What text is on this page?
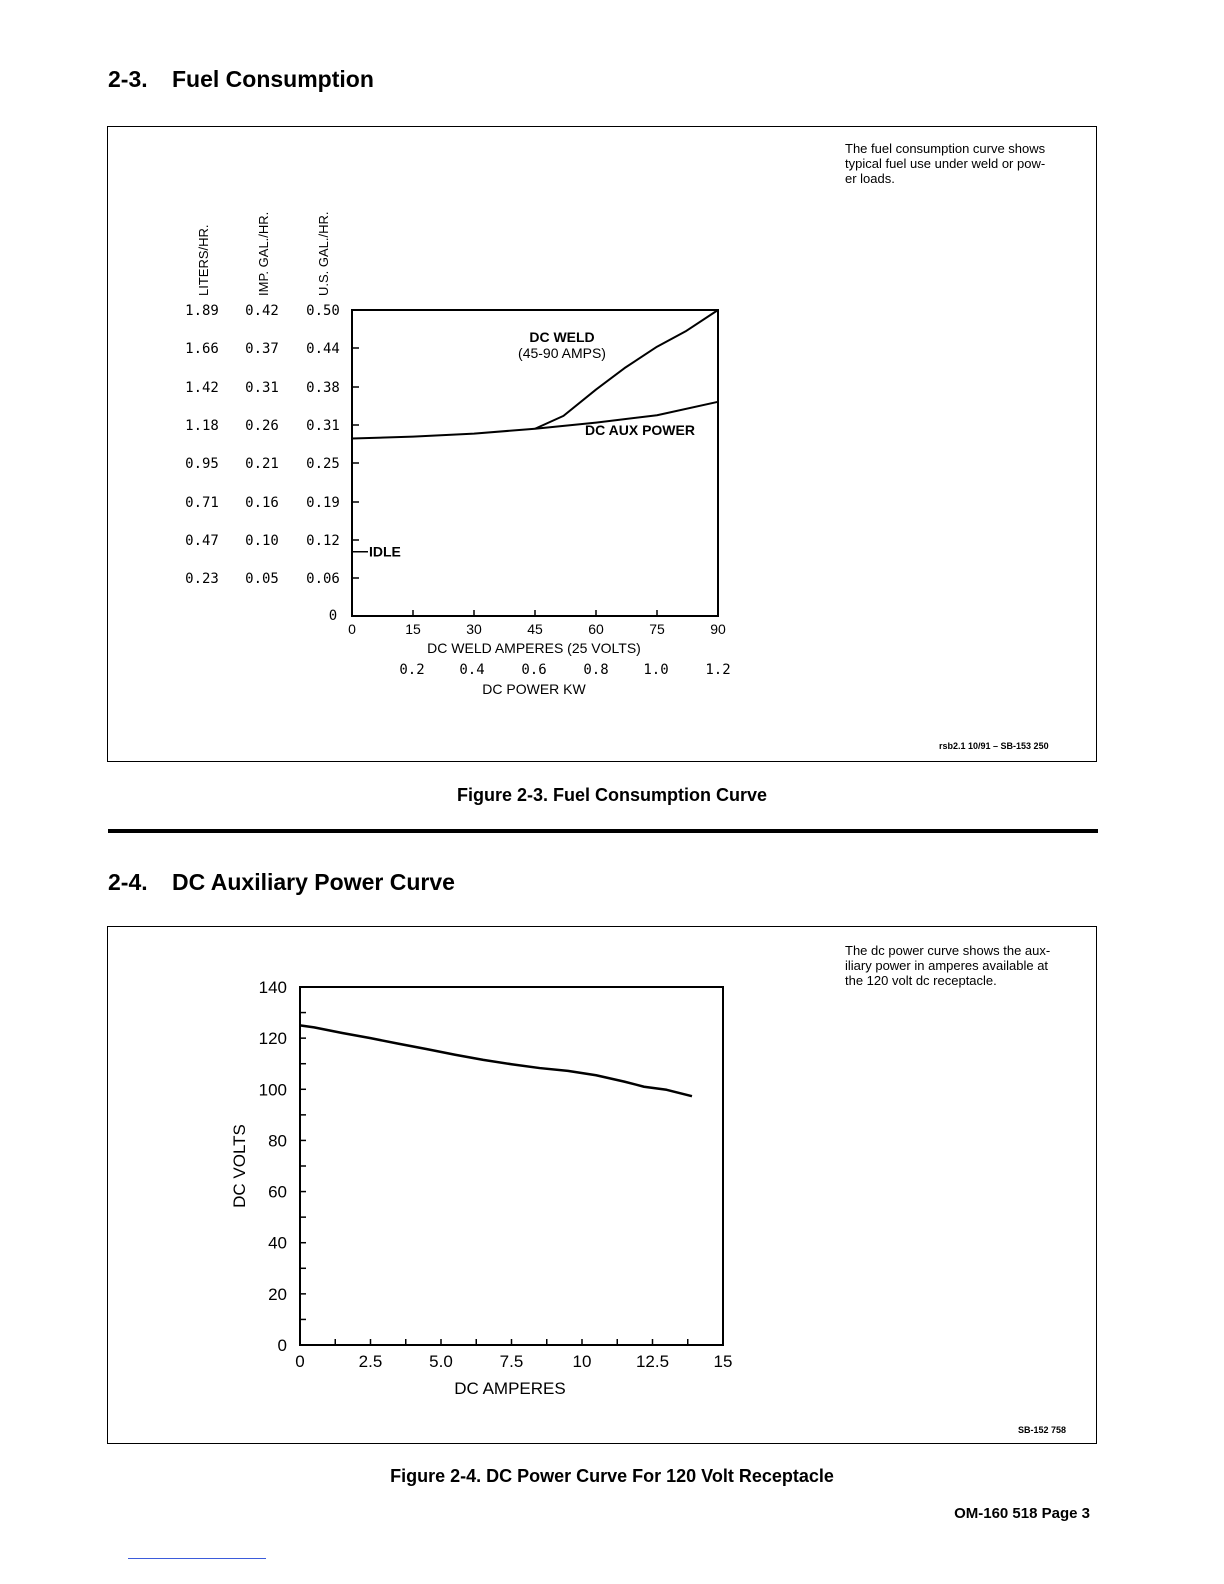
2-3. Fuel Consumption

The fuel consumption curve shows
typical fuel use under weld or pow-
er loads.

rsb2.1 10/91 – SB-153 250

Figure 2-3. Fuel Consumption Curve

2-4. DC Auxiliary Power Curve

The dc power curve shows the aux-
iliary power in amperes available at
the 120 volt dc receptacle.

SB-152 758

Figure 2-4. DC Power Curve For 120 Volt Receptacle

OM-160 518 Page 3

1.89 0.42 0.50
1.66 0.37 0.44
1.42 0.31 0.38
1.18 0.26 0.31
0.95 0.21 0.25
0.71 0.16 0.19
0.47 0.10 0.12
0.23 0.05 0.06
0
LITERS/HR.	IMP. GAL./HR.	U.S. GAL./HR.
0	15	30	45	60	75	90
DC WELD AMPERES (25 VOLTS)
0.2 0.4	0.6	0.8 1.0	1.2
DC POWER KW
DC WELD
(45-90 AMPS)
DC AUX POWER
IDLE
0
20
40
60
80
100
120
140
DC VOLTS
0	2.5	5.0	7.5	10	12.5	15
DC AMPERES
